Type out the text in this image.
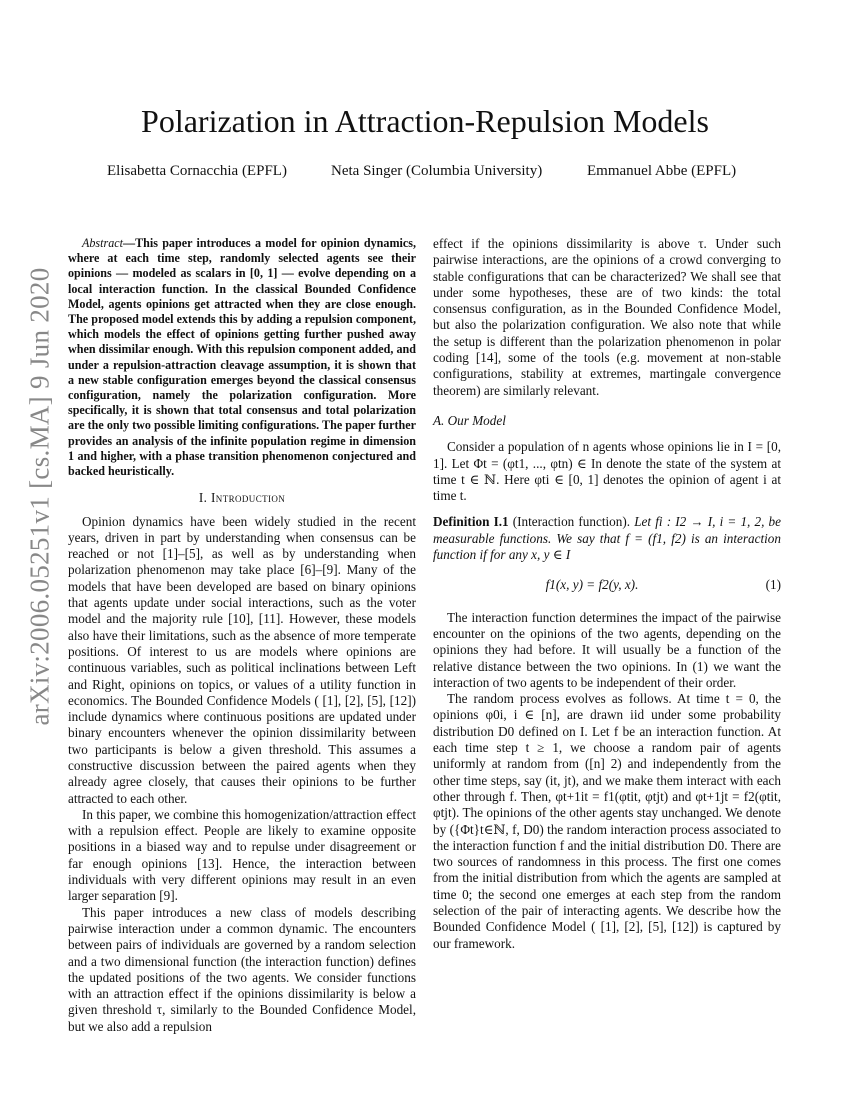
arXiv:2006.05251v1 [cs.MA] 9 Jun 2020
Polarization in Attraction-Repulsion Models
Elisabetta Cornacchia (EPFL)	Neta Singer (Columbia University)	Emmanuel Abbe (EPFL)

Abstract—This paper introduces a model for opinion dynamics, where at each time step, randomly selected agents see their opinions — modeled as scalars in [0, 1] — evolve depending on a local interaction function. In the classical Bounded Confidence Model, agents opinions get attracted when they are close enough. The proposed model extends this by adding a repulsion component, which models the effect of opinions getting further pushed away when dissimilar enough. With this repulsion component added, and under a repulsion-attraction cleavage assumption, it is shown that a new stable configuration emerges beyond the classical consensus configuration, namely the polarization configuration. More specifically, it is shown that total consensus and total polarization are the only two possible limiting configurations. The paper further provides an analysis of the infinite population regime in dimension 1 and higher, with a phase transition phenomenon conjectured and backed heuristically.

I. Introduction

Opinion dynamics have been widely studied in the recent years, driven in part by understanding when consensus can be reached or not [1]–[5], as well as by understanding when polarization phenomenon may take place [6]–[9]. Many of the models that have been developed are based on binary opinions that agents update under social interactions, such as the voter model and the majority rule [10], [11]. However, these models also have their limitations, such as the absence of more temperate positions. Of interest to us are models where opinions are continuous variables, such as political inclinations between Left and Right, opinions on topics, or values of a utility function in economics. The Bounded Confidence Models ( [1], [2], [5], [12]) include dynamics where continuous positions are updated under binary encounters whenever the opinion dissimilarity between two participants is below a given threshold. This assumes a constructive discussion between the paired agents when they already agree closely, that causes their opinions to be further attracted to each other.

In this paper, we combine this homogenization/attraction effect with a repulsion effect. People are likely to examine opposite positions in a biased way and to repulse under disagreement or far enough opinions [13]. Hence, the interaction between individuals with very different opinions may result in an even larger separation [9].

This paper introduces a new class of models describing pairwise interaction under a common dynamic. The encounters between pairs of individuals are governed by a random selection and a two dimensional function (the interaction function) defines the updated positions of the two agents. We consider functions with an attraction effect if the opinions dissimilarity is below a given threshold τ, similarly to the Bounded Confidence Model, but we also add a repulsion

effect if the opinions dissimilarity is above τ. Under such pairwise interactions, are the opinions of a crowd converging to stable configurations that can be characterized? We shall see that under some hypotheses, these are of two kinds: the total consensus configuration, as in the Bounded Confidence Model, but also the polarization configuration. We also note that while the setup is different than the polarization phenomenon in polar coding [14], some of the tools (e.g. movement at non-stable configurations, stability at extremes, martingale convergence theorem) are similarly relevant.

A. Our Model

Consider a population of n agents whose opinions lie in I = [0, 1]. Let Φt = (φt1, ..., φtn) ∈ In denote the state of the system at time t ∈ ℕ. Here φti ∈ [0, 1] denotes the opinion of agent i at time t.

Definition I.1 (Interaction function). Let fi : I2 → I, i = 1, 2, be measurable functions. We say that f = (f1, f2) is an interaction function if for any x, y ∈ I

f1(x, y) = f2(y, x).	(1)

The interaction function determines the impact of the pairwise encounter on the opinions of the two agents, depending on the opinions they had before. It will usually be a function of the relative distance between the two opinions. In (1) we want the interaction of two agents to be independent of their order.

The random process evolves as follows. At time t = 0, the opinions φ0i, i ∈ [n], are drawn iid under some probability distribution D0 defined on I. Let f be an interaction function. At each time step t ≥ 1, we choose a random pair of agents uniformly at random from ([n] 2) and independently from the other time steps, say (it, jt), and we make them interact with each other through f. Then, φt+1it = f1(φtit, φtjt) and φt+1jt = f2(φtit, φtjt). The opinions of the other agents stay unchanged. We denote by ({Φt}t∈ℕ, f, D0) the random interaction process associated to the interaction function f and the initial distribution D0. There are two sources of randomness in this process. The first one comes from the initial distribution from which the agents are sampled at time 0; the second one emerges at each step from the random selection of the pair of interacting agents. We describe how the Bounded Confidence Model ( [1], [2], [5], [12]) is captured by our framework.
